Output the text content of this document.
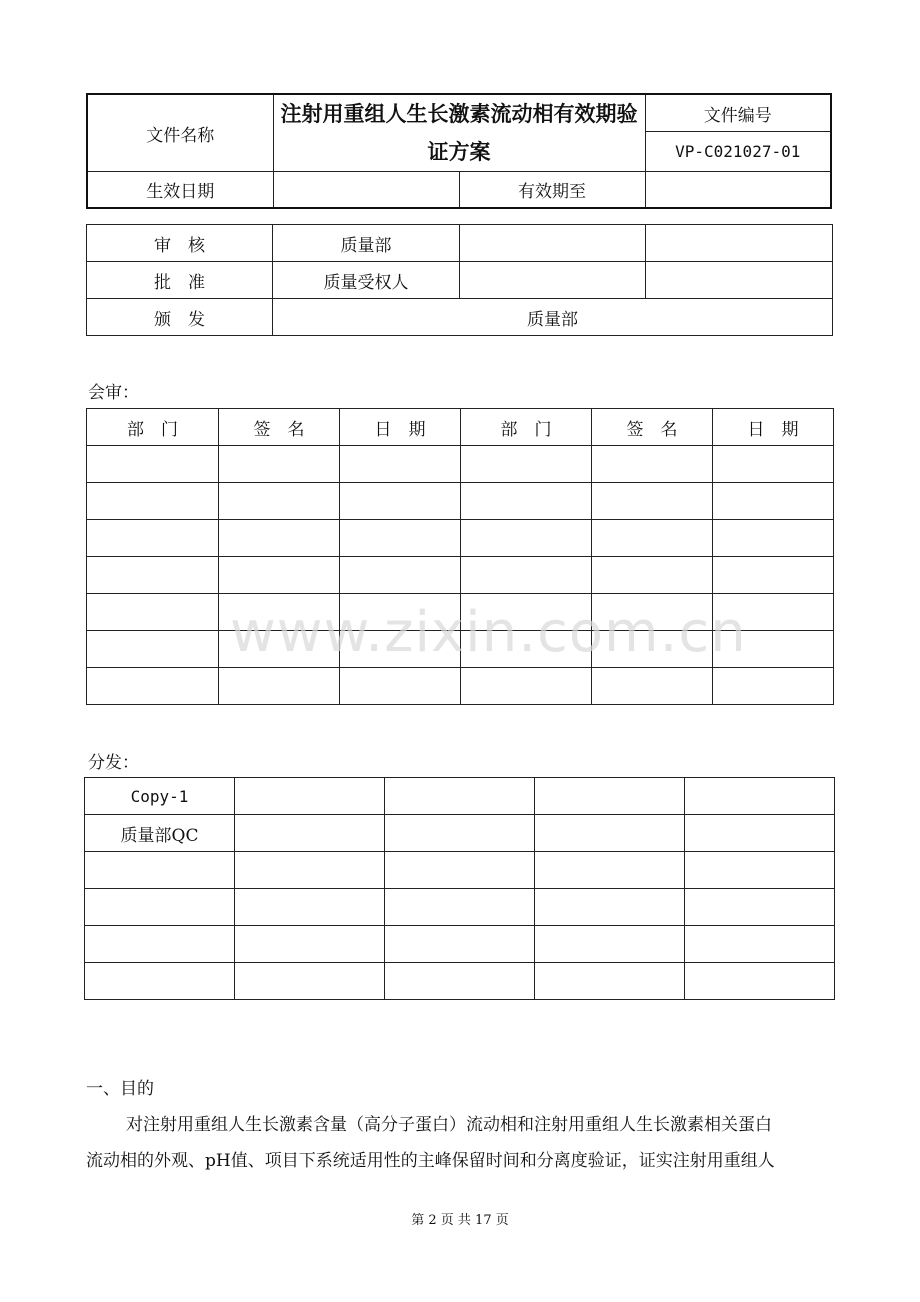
文件名称	注射用重组人生长激素流动相有效期验证方案		文件编号
			VP-C021027-01
生效日期		有效期至	
审　核	质量部		
批　准	质量受权人		
颁　发	质量部		
会审：
部　门	签　名	日　期	部　门	签　名	日　期

www.zixin.com.cn
分发：
Copy-1				
质量部QC				

一、目的
对注射用重组人生长激素含量（高分子蛋白）流动相和注射用重组人生长激素相关蛋白
流动相的外观、pH值、项目下系统适用性的主峰保留时间和分离度验证，证实注射用重组人
第 2 页 共 17 页
